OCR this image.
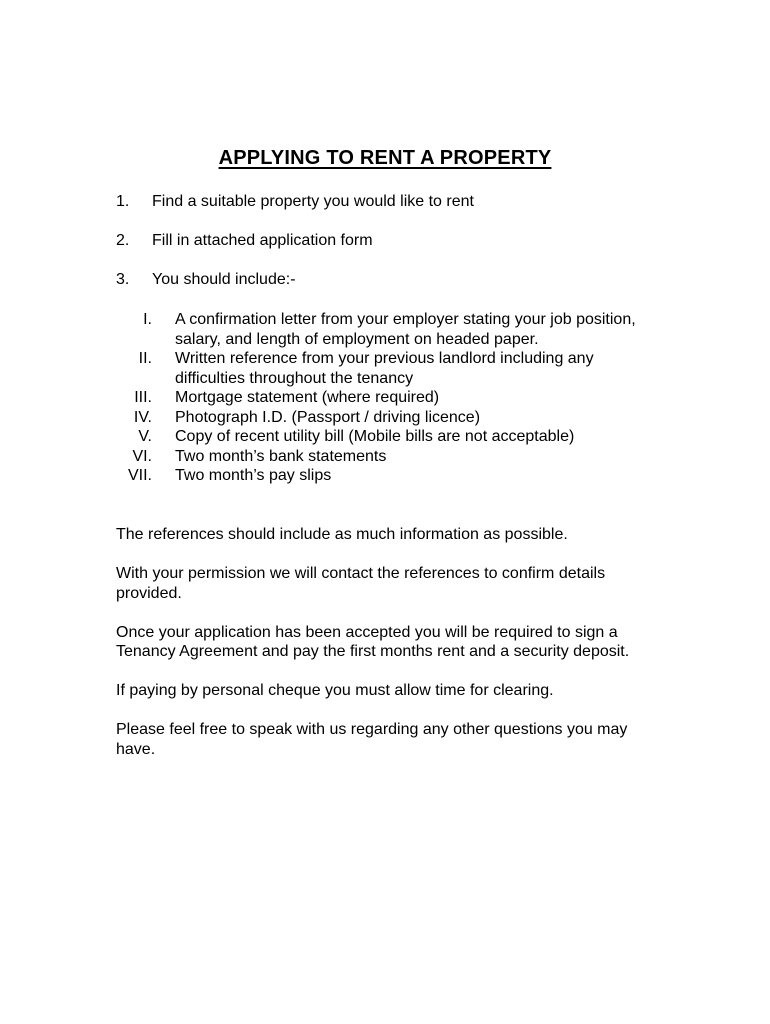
APPLYING TO RENT A PROPERTY
1.	Find a suitable property you would like to rent
2.	Fill in attached application form
3.	You should include:-
I. A confirmation letter from your employer stating your job position, salary, and length of employment on headed paper.
II. Written reference from your previous landlord including any difficulties throughout the tenancy
III. Mortgage statement (where required)
IV. Photograph I.D. (Passport / driving licence)
V. Copy of recent utility bill (Mobile bills are not acceptable)
VI. Two month’s bank statements
VII. Two month’s pay slips

The references should include as much information as possible.

With your permission we will contact the references to confirm details provided.

Once your application has been accepted you will be required to sign a Tenancy Agreement and pay the first months rent and a security deposit.

If paying by personal cheque you must allow time for clearing.

Please feel free to speak with us regarding any other questions you may have.
